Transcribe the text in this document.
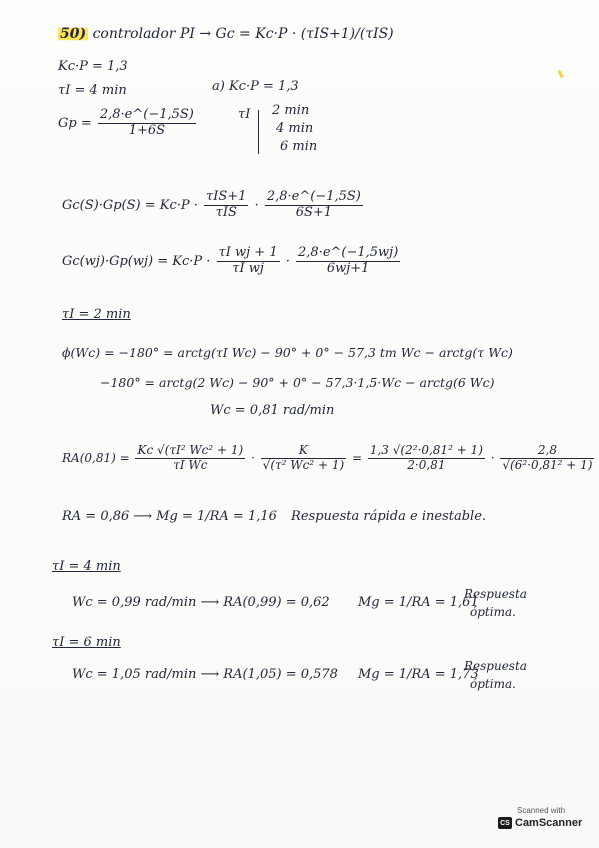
50) controlador PI → Gc = Kc·P · (τIS+1)/(τIS)
Kc·P = 1,3
τI = 4 min
$Gp = \frac{2,8\cdot e\^{}(-1,5S)}{1+6S}$
a) Kc·P = 1,3
τI 2 min
4 min
6 min
$Gc(S)\cdot Gp(S) = Kc\cdot P \cdot \frac{\text{τIS+1}}{\text{τIS}} \cdot \frac{2,8\cdot e\^{}(-1,5S)}{6S+1}$
$Gc(wj)\cdot Gp(wj) = Kc\cdot P \cdot \frac{\text{τI wj + 1}}{\text{τI wj}} \cdot \frac{2,8\cdot e\^{}(-1,5wj)}{6wj+1}$
τI = 2 min
ϕ(Wc) = −180° = arctg(τI Wc) − 90° + 0° − 57,3 tm Wc − arctg(τ Wc)
−180° = arctg(2 Wc) − 90° + 0° − 57,3·1,5·Wc − arctg(6 Wc)
Wc = 0,81 rad/min
$RA(0,81) = \frac{\text{Kc √(τI² Wc² + 1)}}{\text{τI Wc}} \cdot \frac{K}{\text{√(τ² Wc² + 1)}} = \frac{\text{1,3 √(2²·0,81² + 1)}}{2\cdot 0,81} \cdot \frac{2,8}{\text{√(6²·0,81² + 1)}}$
RA = 0,86 ⟶ Mg = 1/RA = 1,16 Respuesta rápida e inestable.
τI = 4 min
Wc = 0,99 rad/min ⟶ RA(0,99) = 0,62 Mg = 1/RA = 1,61
Respuesta
óptima.
τI = 6 min
Wc = 1,05 rad/min ⟶ RA(1,05) = 0,578 Mg = 1/RA = 1,73
Respuesta
óptima.
Scanned with
CS CamScanner
